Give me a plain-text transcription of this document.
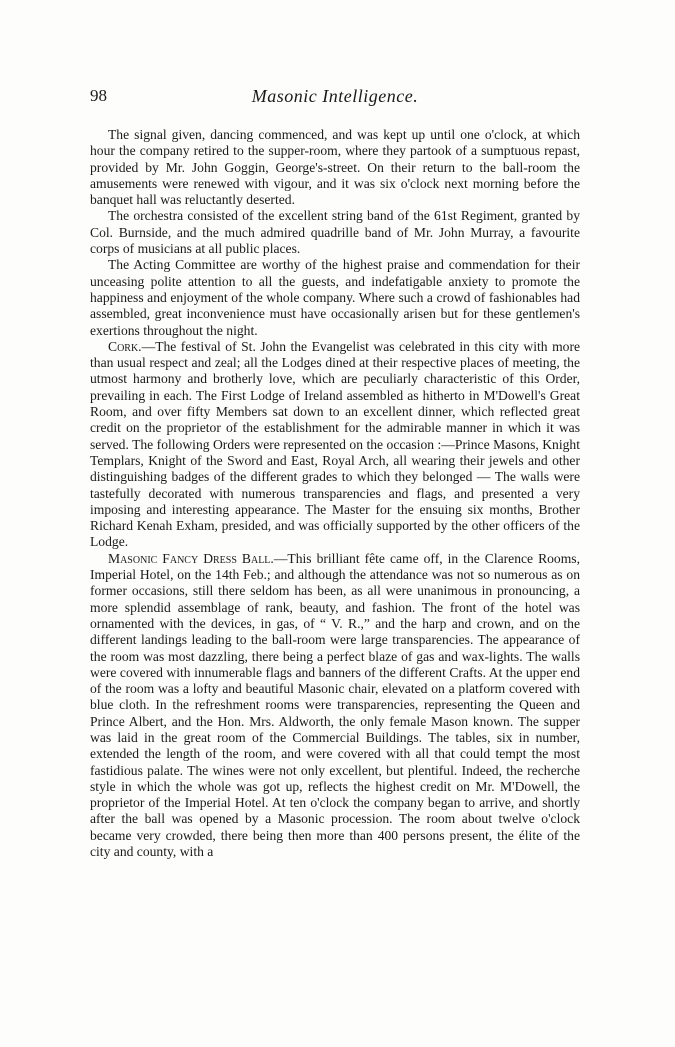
98	Masonic Intelligence.

The signal given, dancing commenced, and was kept up until one o'clock, at which hour the company retired to the supper-room, where they partook of a sumptuous repast, provided by Mr. John Goggin, George's-street. On their return to the ball-room the amusements were renewed with vigour, and it was six o'clock next morning before the banquet hall was reluctantly deserted.

The orchestra consisted of the excellent string band of the 61st Regiment, granted by Col. Burnside, and the much admired quadrille band of Mr. John Murray, a favourite corps of musicians at all public places.

The Acting Committee are worthy of the highest praise and commendation for their unceasing polite attention to all the guests, and indefatigable anxiety to promote the happiness and enjoyment of the whole company. Where such a crowd of fashionables had assembled, great inconvenience must have occasionally arisen but for these gentlemen's exertions throughout the night.

Cork.—The festival of St. John the Evangelist was celebrated in this city with more than usual respect and zeal; all the Lodges dined at their respective places of meeting, the utmost harmony and brotherly love, which are peculiarly characteristic of this Order, prevailing in each. The First Lodge of Ireland assembled as hitherto in M'Dowell's Great Room, and over fifty Members sat down to an excellent dinner, which reflected great credit on the proprietor of the establishment for the admirable manner in which it was served. The following Orders were represented on the occasion :—Prince Masons, Knight Templars, Knight of the Sword and East, Royal Arch, all wearing their jewels and other distinguishing badges of the different grades to which they belonged — The walls were tastefully decorated with numerous transparencies and flags, and presented a very imposing and interesting appearance. The Master for the ensuing six months, Brother Richard Kenah Exham, presided, and was officially supported by the other officers of the Lodge.

Masonic Fancy Dress Ball.—This brilliant fête came off, in the Clarence Rooms, Imperial Hotel, on the 14th Feb.; and although the attendance was not so numerous as on former occasions, still there seldom has been, as all were unanimous in pronouncing, a more splendid assemblage of rank, beauty, and fashion. The front of the hotel was ornamented with the devices, in gas, of “ V. R.,” and the harp and crown, and on the different landings leading to the ball-room were large transparencies. The appearance of the room was most dazzling, there being a perfect blaze of gas and wax-lights. The walls were covered with innumerable flags and banners of the different Crafts. At the upper end of the room was a lofty and beautiful Masonic chair, elevated on a platform covered with blue cloth. In the refreshment rooms were transparencies, representing the Queen and Prince Albert, and the Hon. Mrs. Aldworth, the only female Mason known. The supper was laid in the great room of the Commercial Buildings. The tables, six in number, extended the length of the room, and were covered with all that could tempt the most fastidious palate. The wines were not only excellent, but plentiful. Indeed, the recherche style in which the whole was got up, reflects the highest credit on Mr. M'Dowell, the proprietor of the Imperial Hotel. At ten o'clock the company began to arrive, and shortly after the ball was opened by a Masonic procession. The room about twelve o'clock became very crowded, there being then more than 400 persons present, the élite of the city and county, with a
